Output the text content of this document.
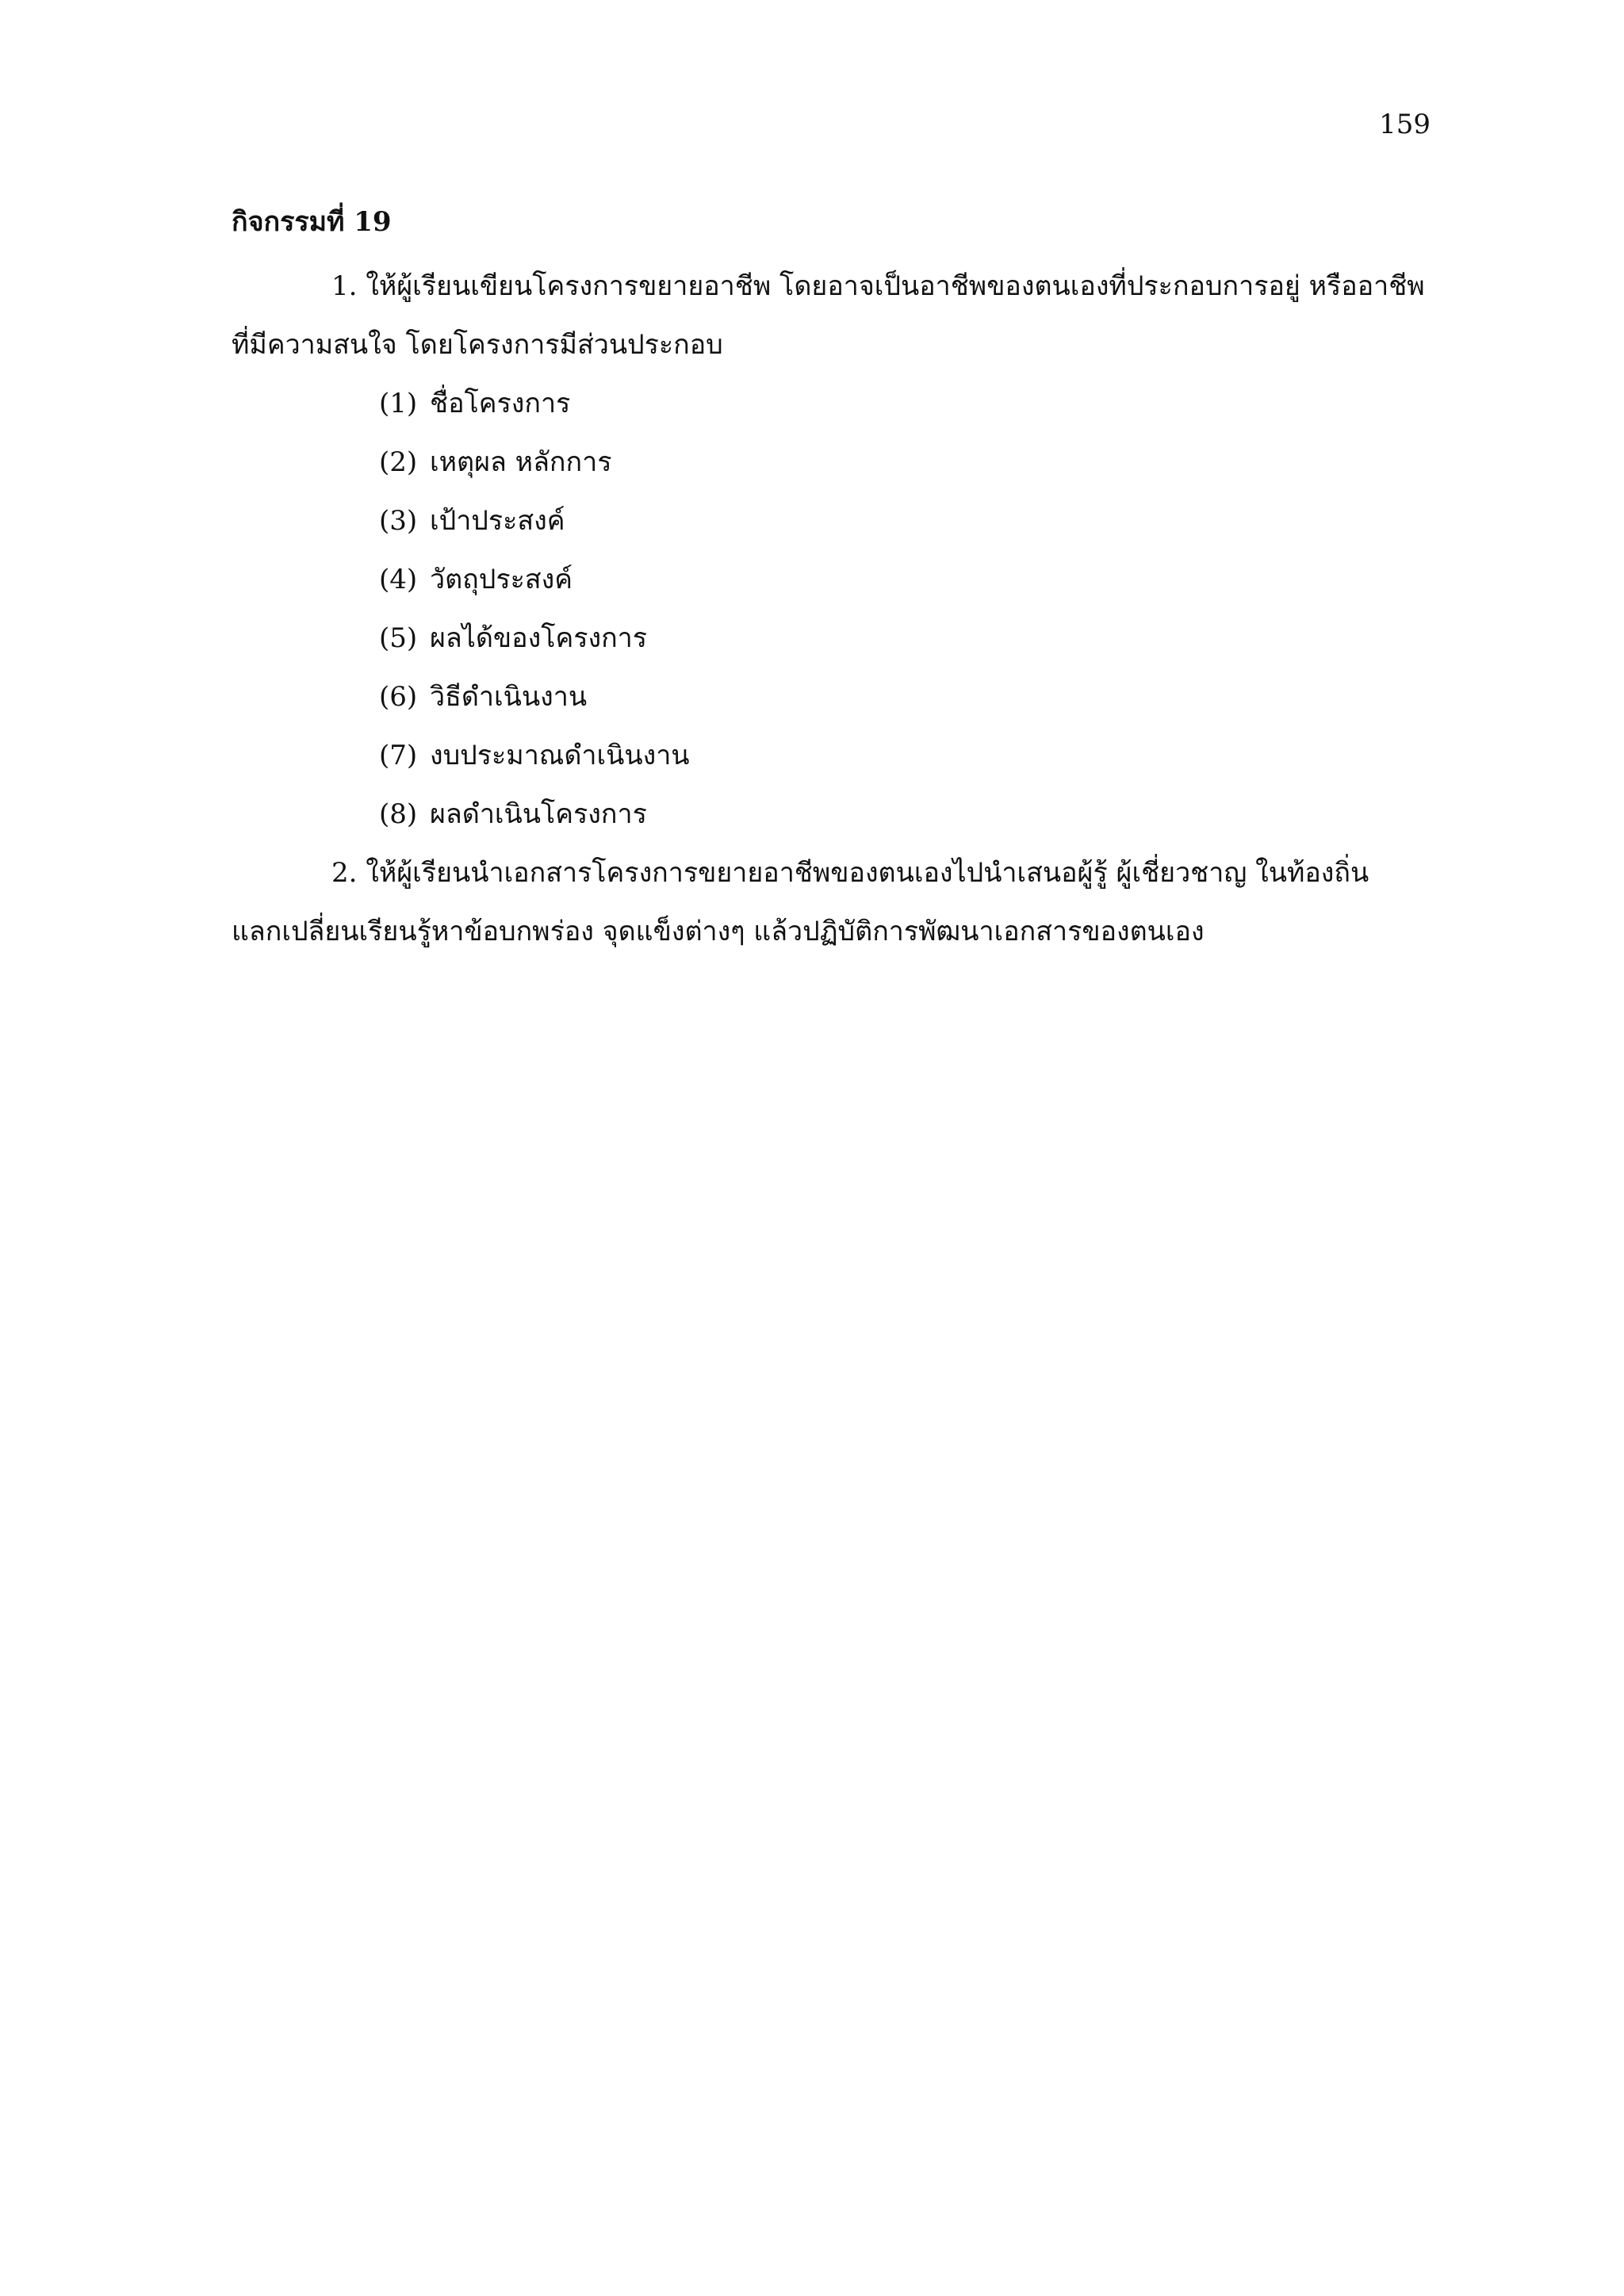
159
กิจกรรมที่ 19
1. ให้ผู้เรียนเขียนโครงการขยายอาชีพ โดยอาจเป็นอาชีพของตนเองที่ประกอบการอยู่ หรืออาชีพ
ที่มีความสนใจ โดยโครงการมีส่วนประกอบ
(1) ชื่อโครงการ
(2) เหตุผล หลักการ
(3) เป้าประสงค์
(4) วัตถุประสงค์
(5) ผลได้ของโครงการ
(6) วิธีดำเนินงาน
(7) งบประมาณดำเนินงาน
(8) ผลดำเนินโครงการ
2. ให้ผู้เรียนนำเอกสารโครงการขยายอาชีพของตนเองไปนำเสนอผู้รู้ ผู้เชี่ยวชาญ ในท้องถิ่น
แลกเปลี่ยนเรียนรู้หาข้อบกพร่อง จุดแข็งต่างๆ แล้วปฏิบัติการพัฒนาเอกสารของตนเอง
